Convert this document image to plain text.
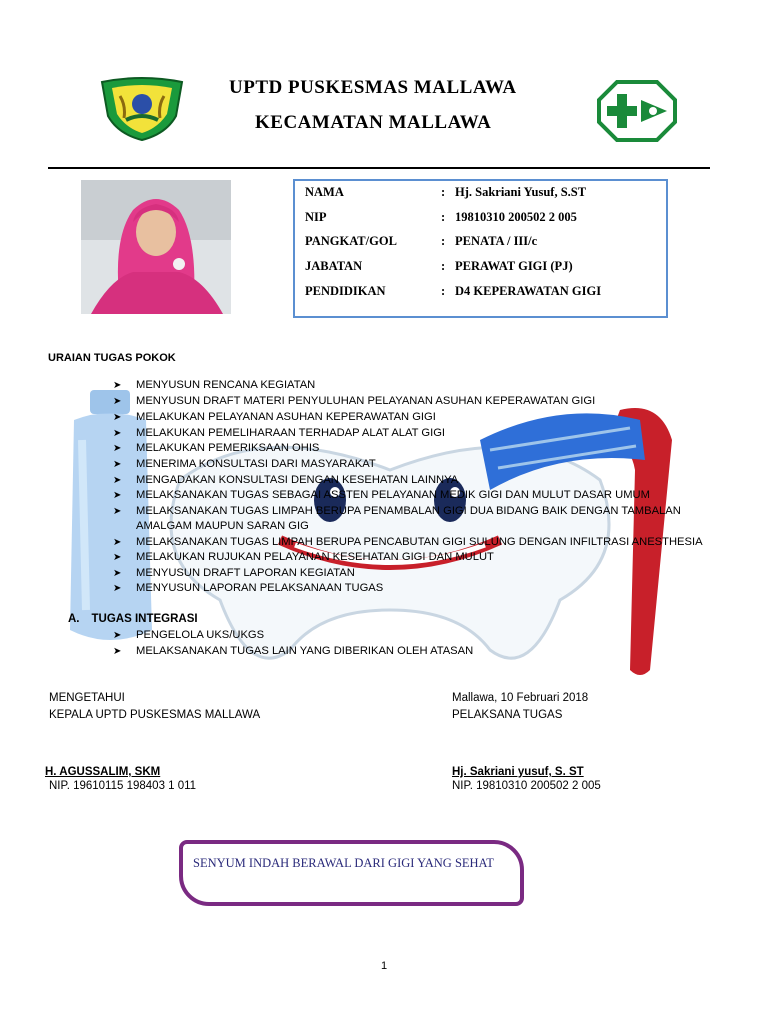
UPTD PUSKESMAS MALLAWA
KECAMATAN MALLAWA
NAMA	: Hj. Sakriani Yusuf, S.ST
NIP	: 19810310 200502 2 005
PANGKAT/GOL	: PENATA / III/c
JABATAN	: PERAWAT GIGI (PJ)
PENDIDIKAN	: D4 KEPERAWATAN GIGI
URAIAN TUGAS POKOK
➤ MENYUSUN RENCANA KEGIATAN
➤ MENYUSUN DRAFT MATERI PENYULUHAN PELAYANAN ASUHAN KEPERAWATAN GIGI
➤ MELAKUKAN PELAYANAN ASUHAN KEPERAWATAN GIGI
➤ MELAKUKAN PEMELIHARAAN TERHADAP ALAT ALAT GIGI
➤ MELAKUKAN PEMERIKSAAN OHIS
➤ MENERIMA KONSULTASI DARI MASYARAKAT
➤ MENGADAKAN KONSULTASI DENGAN KESEHATAN LAINNYA
➤ MELAKSANAKAN TUGAS SEBAGAI ASSTEN PELAYANAN MEDIK GIGI DAN MULUT DASAR UMUM
➤ MELAKSANAKAN TUGAS LIMPAH BERUPA PENAMBALAN GIGI DUA BIDANG BAIK DENGAN TAMBALAN
AMALGAM MAUPUN SARAN GIG
➤ MELAKSANAKAN TUGAS LIMPAH BERUPA PENCABUTAN GIGI SULUNG DENGAN INFILTRASI ANESTHESIA
➤ MELAKUKAN RUJUKAN PELAYANAN KESEHATAN GIGI DAN MULUT
➤ MENYUSUN DRAFT LAPORAN KEGIATAN
➤ MENYUSUN LAPORAN PELAKSANAAN TUGAS
A. TUGAS INTEGRASI
➤ PENGELOLA UKS/UKGS
➤ MELAKSANAKAN TUGAS LAIN YANG DIBERIKAN OLEH ATASAN
MENGETAHUI
KEPALA UPTD PUSKESMAS MALLAWA
Mallawa, 10 Februari 2018
PELAKSANA TUGAS
H. AGUSSALIM, SKM
NIP. 19610115 198403 1 011
Hj. Sakriani yusuf, S. ST
NIP. 19810310 200502 2 005
SENYUM INDAH BERAWAL DARI GIGI YANG SEHAT
1
